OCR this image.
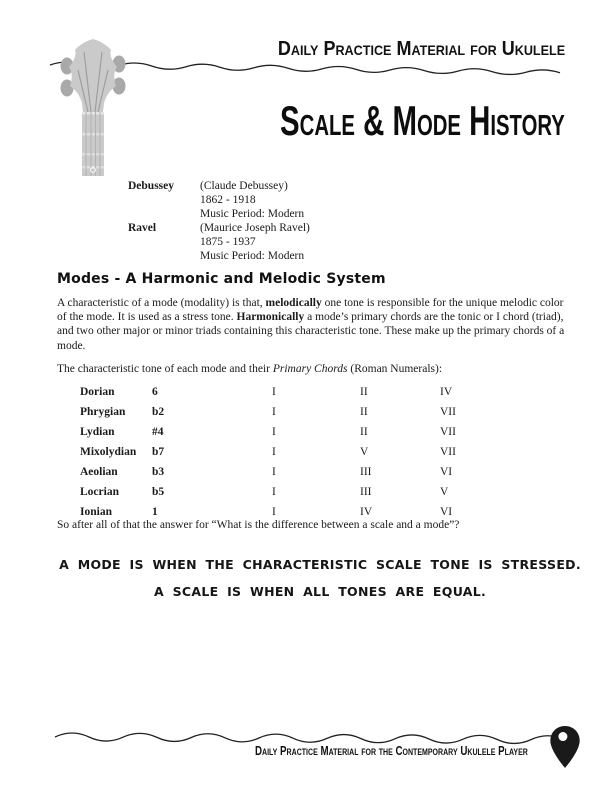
Daily Practice Material for Ukulele
Scale & Mode History
Debussey	(Claude Debussey)
1862 - 1918
Music Period: Modern
Ravel	(Maurice Joseph Ravel)
1875 - 1937
Music Period: Modern
Modes - A Harmonic and Melodic System

A characteristic of a mode (modality) is that, melodically one tone is responsible for the unique melodic color of the mode. It is used as a stress tone. Harmonically a mode’s primary chords are the tonic or I chord (triad), and two other major or minor triads containing this characteristic tone. These make up the primary chords of a mode.

The characteristic tone of each mode and their Primary Chords (Roman Numerals):

Dorian	6	I	II	IV
Phrygian	b2	I	II	VII
Lydian	#4	I	II	VII
Mixolydian	b7	I	V	VII
Aeolian	b3	I	III	VI
Locrian	b5	I	III	V
Ionian	1	I	IV	VI

So after all of that the answer for “What is the difference between a scale and a mode”?

A MODE IS WHEN THE CHARACTERISTIC SCALE TONE IS STRESSED.
A SCALE IS WHEN ALL TONES ARE EQUAL.
Daily Practice Material for the Contemporary Ukulele Player
